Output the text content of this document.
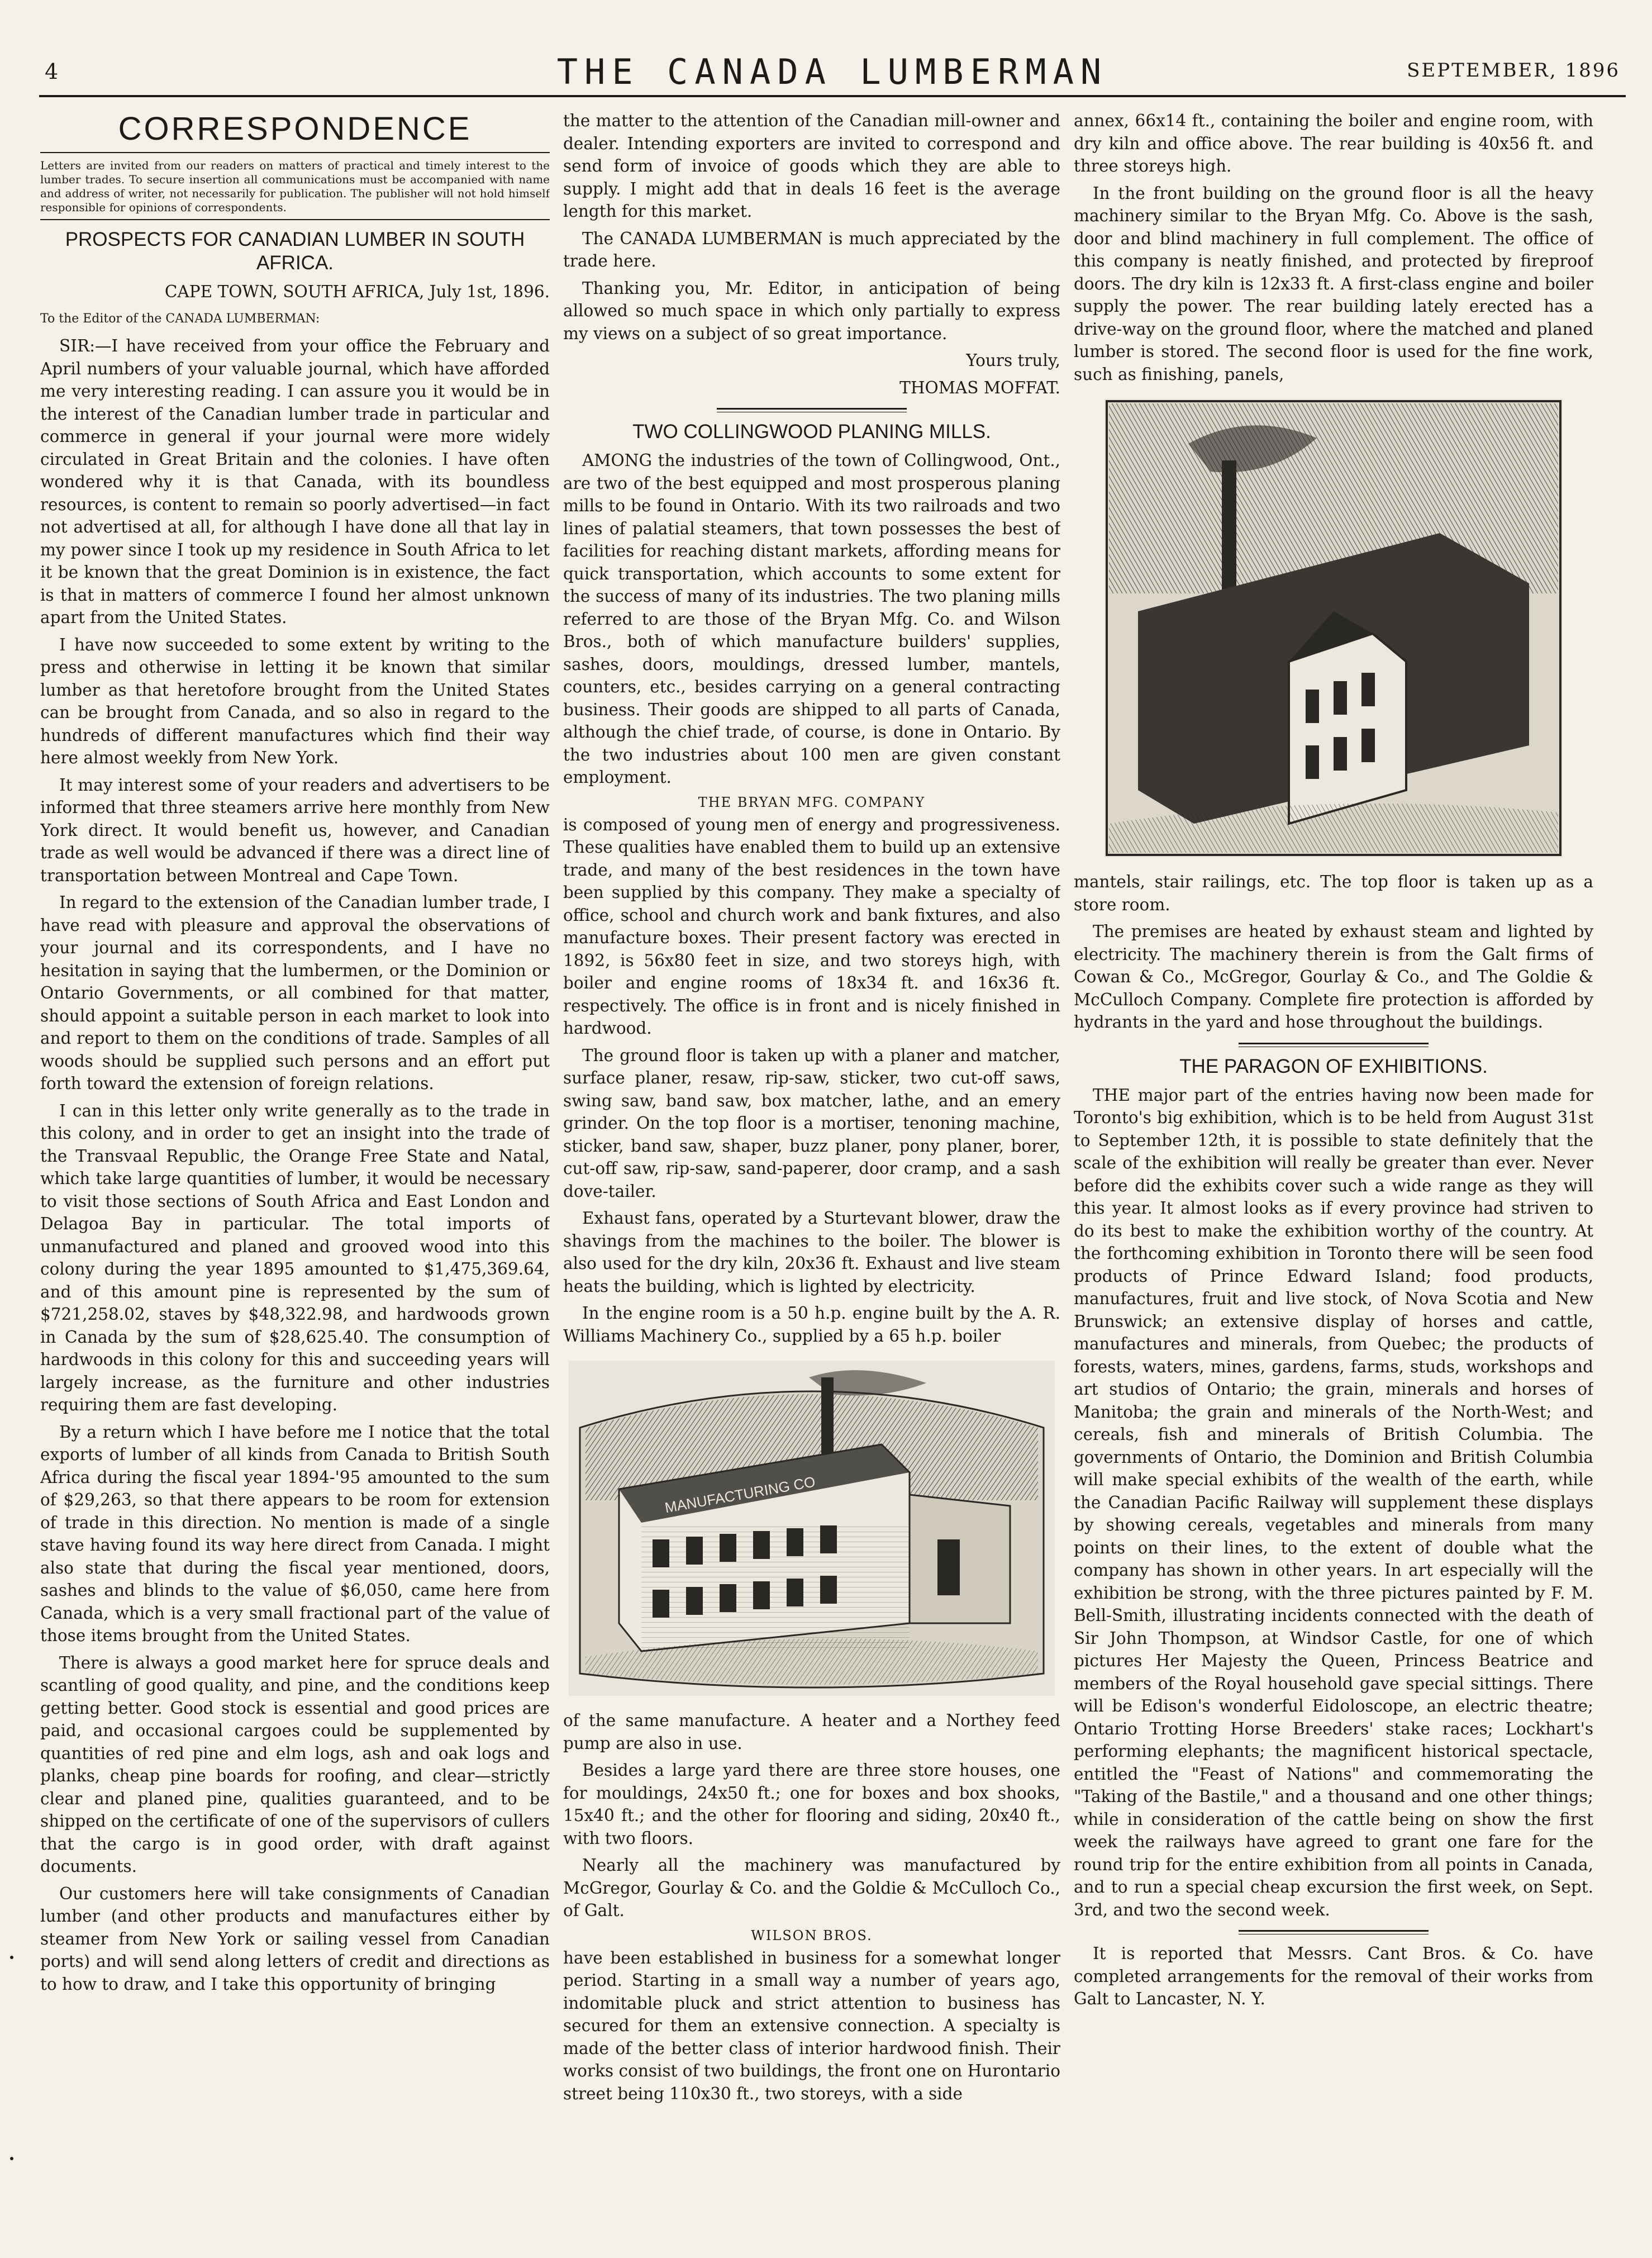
4	THE CANADA LUMBERMAN	SEPTEMBER, 1896
CORRESPONDENCE

Letters are invited from our readers on matters of practical and timely interest to the lumber trades. To secure insertion all communications must be accompanied with name and address of writer, not necessarily for publication. The publisher will not hold himself responsible for opinions of correspondents.

PROSPECTS FOR CANADIAN LUMBER IN SOUTH AFRICA.

CAPE TOWN, SOUTH AFRICA, July 1st, 1896.

To the Editor of the CANADA LUMBERMAN:

SIR:—I have received from your office the February and April numbers of your valuable journal, which have afforded me very interesting reading. I can assure you it would be in the interest of the Canadian lumber trade in particular and commerce in general if your journal were more widely circulated in Great Britain and the colonies. I have often wondered why it is that Canada, with its boundless resources, is content to remain so poorly advertised—in fact not advertised at all, for although I have done all that lay in my power since I took up my residence in South Africa to let it be known that the great Dominion is in existence, the fact is that in matters of commerce I found her almost unknown apart from the United States.

I have now succeeded to some extent by writing to the press and otherwise in letting it be known that similar lumber as that heretofore brought from the United States can be brought from Canada, and so also in regard to the hundreds of different manufactures which find their way here almost weekly from New York.

It may interest some of your readers and advertisers to be informed that three steamers arrive here monthly from New York direct. It would benefit us, however, and Canadian trade as well would be advanced if there was a direct line of transportation between Montreal and Cape Town.

In regard to the extension of the Canadian lumber trade, I have read with pleasure and approval the observations of your journal and its correspondents, and I have no hesitation in saying that the lumbermen, or the Dominion or Ontario Governments, or all combined for that matter, should appoint a suitable person in each market to look into and report to them on the conditions of trade. Samples of all woods should be supplied such persons and an effort put forth toward the extension of foreign relations.

I can in this letter only write generally as to the trade in this colony, and in order to get an insight into the trade of the Transvaal Republic, the Orange Free State and Natal, which take large quantities of lumber, it would be necessary to visit those sections of South Africa and East London and Delagoa Bay in particular. The total imports of unmanufactured and planed and grooved wood into this colony during the year 1895 amounted to $1,475,369.64, and of this amount pine is represented by the sum of $721,258.02, staves by $48,322.98, and hardwoods grown in Canada by the sum of $28,625.40. The consumption of hardwoods in this colony for this and succeeding years will largely increase, as the furniture and other industries requiring them are fast developing.

By a return which I have before me I notice that the total exports of lumber of all kinds from Canada to British South Africa during the fiscal year 1894-'95 amounted to the sum of $29,263, so that there appears to be room for extension of trade in this direction. No mention is made of a single stave having found its way here direct from Canada. I might also state that during the fiscal year mentioned, doors, sashes and blinds to the value of $6,050, came here from Canada, which is a very small fractional part of the value of those items brought from the United States.

There is always a good market here for spruce deals and scantling of good quality, and pine, and the conditions keep getting better. Good stock is essential and good prices are paid, and occasional cargoes could be supplemented by quantities of red pine and elm logs, ash and oak logs and planks, cheap pine boards for roofing, and clear—strictly clear and planed pine, qualities guaranteed, and to be shipped on the certificate of one of the supervisors of cullers that the cargo is in good order, with draft against documents.

Our customers here will take consignments of Canadian lumber (and other products and manufactures either by steamer from New York or sailing vessel from Canadian ports) and will send along letters of credit and directions as to how to draw, and I take this opportunity of bringing

the matter to the attention of the Canadian mill-owner and dealer. Intending exporters are invited to correspond and send form of invoice of goods which they are able to supply. I might add that in deals 16 feet is the average length for this market.

The CANADA LUMBERMAN is much appreciated by the trade here.

Thanking you, Mr. Editor, in anticipation of being allowed so much space in which only partially to express my views on a subject of so great importance.

Yours truly,

THOMAS MOFFAT.

TWO COLLINGWOOD PLANING MILLS.

AMONG the industries of the town of Collingwood, Ont., are two of the best equipped and most prosperous planing mills to be found in Ontario. With its two railroads and two lines of palatial steamers, that town possesses the best of facilities for reaching distant markets, affording means for quick transportation, which accounts to some extent for the success of many of its industries. The two planing mills referred to are those of the Bryan Mfg. Co. and Wilson Bros., both of which manufacture builders' supplies, sashes, doors, mouldings, dressed lumber, mantels, counters, etc., besides carrying on a general contracting business. Their goods are shipped to all parts of Canada, although the chief trade, of course, is done in Ontario. By the two industries about 100 men are given constant employment.

THE BRYAN MFG. COMPANY

is composed of young men of energy and progressiveness. These qualities have enabled them to build up an extensive trade, and many of the best residences in the town have been supplied by this company. They make a specialty of office, school and church work and bank fixtures, and also manufacture boxes. Their present factory was erected in 1892, is 56x80 feet in size, and two storeys high, with boiler and engine rooms of 18x34 ft. and 16x36 ft. respectively. The office is in front and is nicely finished in hardwood.

The ground floor is taken up with a planer and matcher, surface planer, resaw, rip-saw, sticker, two cut-off saws, swing saw, band saw, box matcher, lathe, and an emery grinder. On the top floor is a mortiser, tenoning machine, sticker, band saw, shaper, buzz planer, pony planer, borer, cut-off saw, rip-saw, sand-paperer, door cramp, and a sash dove-tailer.

Exhaust fans, operated by a Sturtevant blower, draw the shavings from the machines to the boiler. The blower is also used for the dry kiln, 20x36 ft. Exhaust and live steam heats the building, which is lighted by electricity.

In the engine room is a 50 h.p. engine built by the A. R. Williams Machinery Co., supplied by a 65 h.p. boiler

MANUFACTURING CO

of the same manufacture. A heater and a Northey feed pump are also in use.

Besides a large yard there are three store houses, one for mouldings, 24x50 ft.; one for boxes and box shooks, 15x40 ft.; and the other for flooring and siding, 20x40 ft., with two floors.

Nearly all the machinery was manufactured by McGregor, Gourlay & Co. and the Goldie & McCulloch Co., of Galt.

WILSON BROS.

have been established in business for a somewhat longer period. Starting in a small way a number of years ago, indomitable pluck and strict attention to business has secured for them an extensive connection. A specialty is made of the better class of interior hardwood finish. Their works consist of two buildings, the front one on Hurontario street being 110x30 ft., two storeys, with a side

annex, 66x14 ft., containing the boiler and engine room, with dry kiln and office above. The rear building is 40x56 ft. and three storeys high.

In the front building on the ground floor is all the heavy machinery similar to the Bryan Mfg. Co. Above is the sash, door and blind machinery in full complement. The office of this company is neatly finished, and protected by fireproof doors. The dry kiln is 12x33 ft. A first-class engine and boiler supply the power. The rear building lately erected has a drive-way on the ground floor, where the matched and planed lumber is stored. The second floor is used for the fine work, such as finishing, panels,

mantels, stair railings, etc. The top floor is taken up as a store room.

The premises are heated by exhaust steam and lighted by electricity. The machinery therein is from the Galt firms of Cowan & Co., McGregor, Gourlay & Co., and The Goldie & McCulloch Company. Complete fire protection is afforded by hydrants in the yard and hose throughout the buildings.

THE PARAGON OF EXHIBITIONS.

THE major part of the entries having now been made for Toronto's big exhibition, which is to be held from August 31st to September 12th, it is possible to state definitely that the scale of the exhibition will really be greater than ever. Never before did the exhibits cover such a wide range as they will this year. It almost looks as if every province had striven to do its best to make the exhibition worthy of the country. At the forthcoming exhibition in Toronto there will be seen food products of Prince Edward Island; food products, manufactures, fruit and live stock, of Nova Scotia and New Brunswick; an extensive display of horses and cattle, manufactures and minerals, from Quebec; the products of forests, waters, mines, gardens, farms, studs, workshops and art studios of Ontario; the grain, minerals and horses of Manitoba; the grain and minerals of the North-West; and cereals, fish and minerals of British Columbia. The governments of Ontario, the Dominion and British Columbia will make special exhibits of the wealth of the earth, while the Canadian Pacific Railway will supplement these displays by showing cereals, vegetables and minerals from many points on their lines, to the extent of double what the company has shown in other years. In art especially will the exhibition be strong, with the three pictures painted by F. M. Bell-Smith, illustrating incidents connected with the death of Sir John Thompson, at Windsor Castle, for one of which pictures Her Majesty the Queen, Princess Beatrice and members of the Royal household gave special sittings. There will be Edison's wonderful Eidoloscope, an electric theatre; Ontario Trotting Horse Breeders' stake races; Lockhart's performing elephants; the magnificent historical spectacle, entitled the "Feast of Nations" and commemorating the "Taking of the Bastile," and a thousand and one other things; while in consideration of the cattle being on show the first week the railways have agreed to grant one fare for the round trip for the entire exhibition from all points in Canada, and to run a special cheap excursion the first week, on Sept. 3rd, and two the second week.

It is reported that Messrs. Cant Bros. & Co. have completed arrangements for the removal of their works from Galt to Lancaster, N. Y.
